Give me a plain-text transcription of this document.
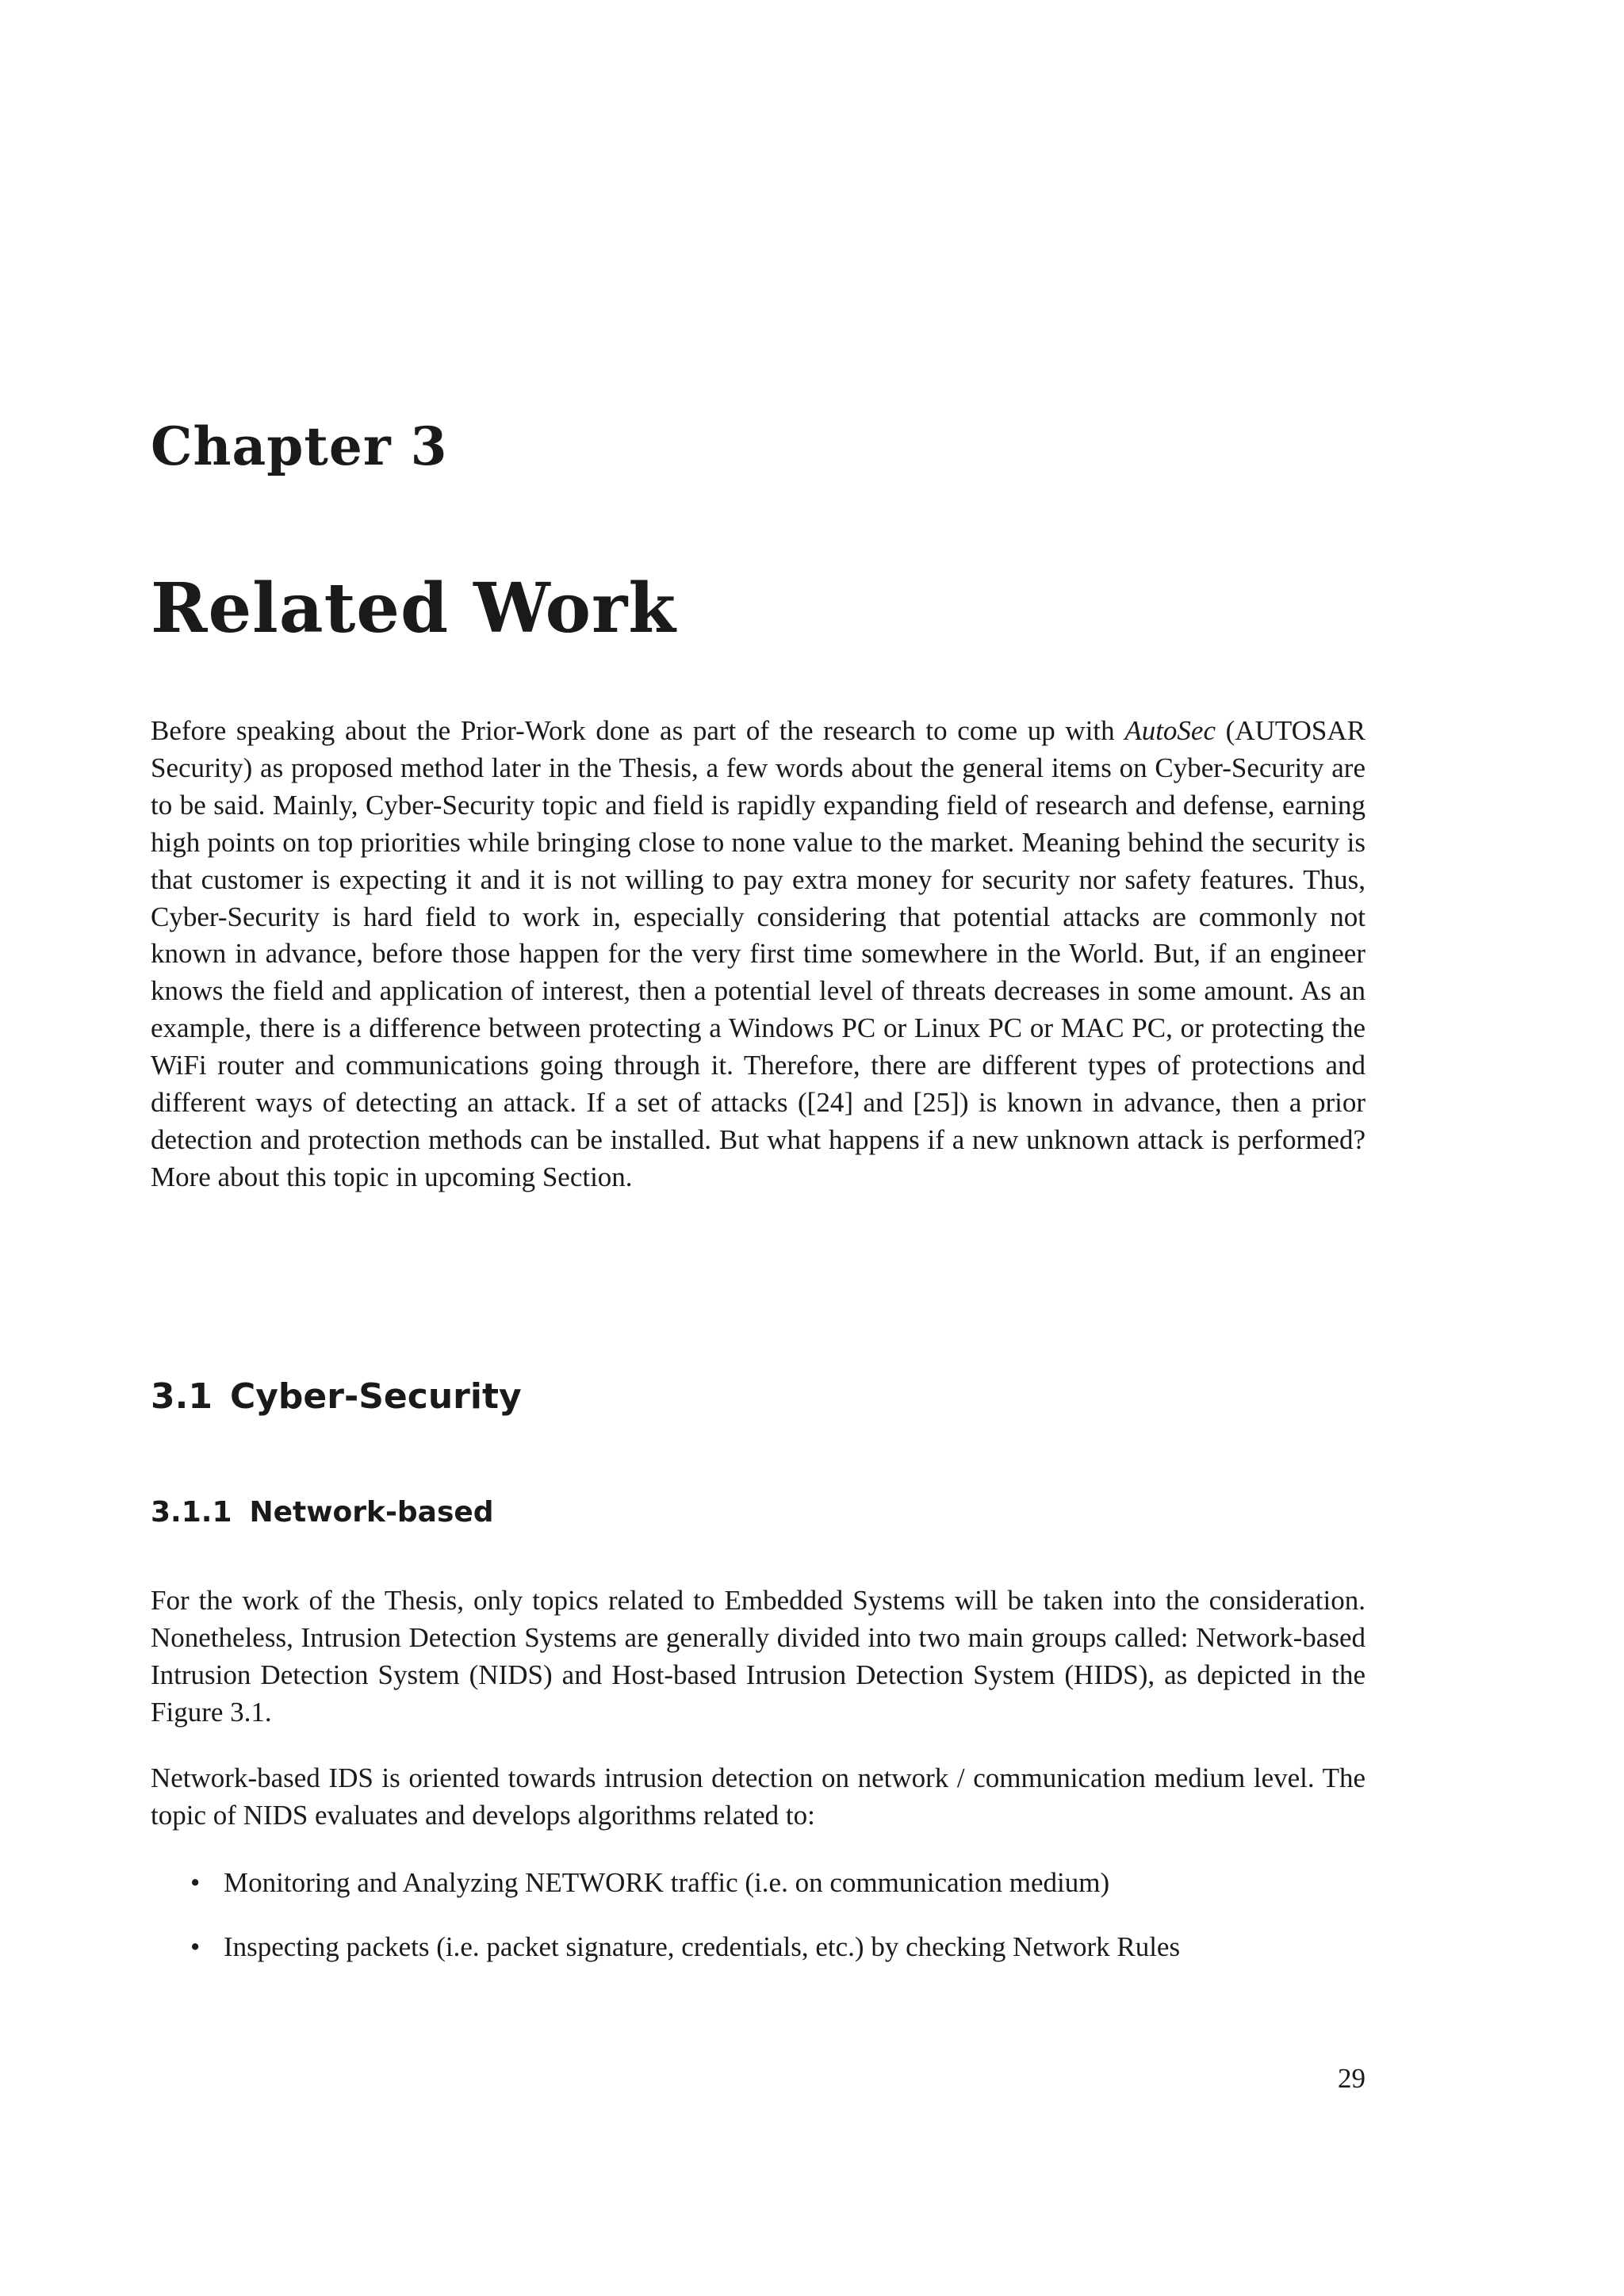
Chapter 3
Related Work

Before speaking about the Prior-Work done as part of the research to come up with AutoSec (AUTOSAR Security) as proposed method later in the Thesis, a few words about the general items on Cyber-Security are to be said. Mainly, Cyber-Security topic and field is rapidly expanding field of research and defense, earning high points on top priorities while bringing close to none value to the market. Meaning behind the security is that customer is expecting it and it is not willing to pay extra money for security nor safety features. Thus, Cyber-Security is hard field to work in, especially considering that potential attacks are commonly not known in advance, before those happen for the very first time somewhere in the World. But, if an engineer knows the field and application of interest, then a potential level of threats decreases in some amount. As an example, there is a difference between protecting a Windows PC or Linux PC or MAC PC, or protecting the WiFi router and communications going through it. Therefore, there are different types of protections and different ways of detecting an attack. If a set of attacks ([24] and [25]) is known in advance, then a prior detection and protection methods can be installed. But what happens if a new unknown attack is performed? More about this topic in upcoming Section.

3.1 Cyber-Security
3.1.1 Network-based

For the work of the Thesis, only topics related to Embedded Systems will be taken into the consideration. Nonetheless, Intrusion Detection Systems are generally divided into two main groups called: Network-based Intrusion Detection System (NIDS) and Host-based Intrusion Detection System (HIDS), as depicted in the Figure 3.1.

Network-based IDS is oriented towards intrusion detection on network / communication medium level. The topic of NIDS evaluates and develops algorithms related to:

• Monitoring and Analyzing NETWORK traffic (i.e. on communication medium)
• Inspecting packets (i.e. packet signature, credentials, etc.) by checking Network Rules

29
